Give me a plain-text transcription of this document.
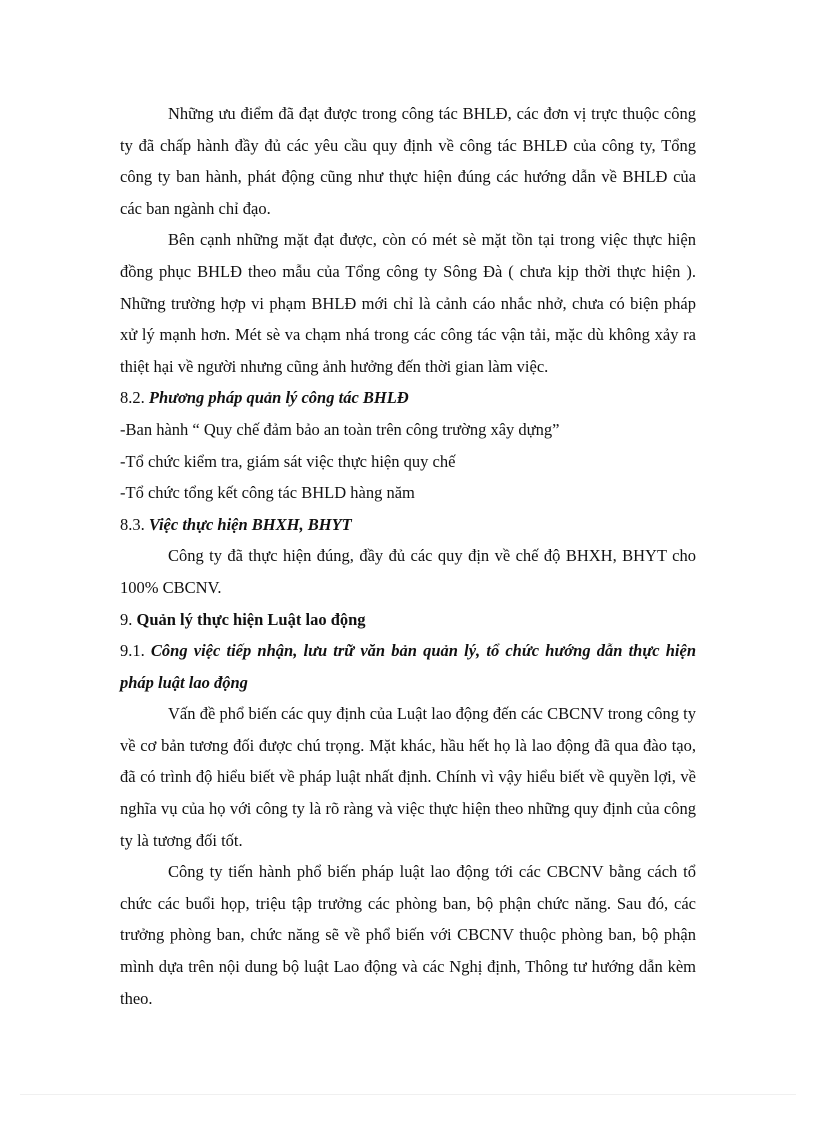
Những ưu điểm đã đạt được trong công tác BHLĐ, các đơn vị trực thuộc công ty đã chấp hành đầy đủ các yêu cầu quy định về công tác BHLĐ của công ty, Tổng công ty ban hành, phát động cũng như thực hiện đúng các hướng dẫn về BHLĐ của các ban ngành chỉ đạo.

Bên cạnh những mặt đạt được, còn có mét sè mặt tồn tại trong việc thực hiện đồng phục BHLĐ theo mẫu của Tổng công ty Sông Đà ( chưa kịp thời thực hiện ). Những trường hợp vi phạm BHLĐ mới chỉ là cảnh cáo nhắc nhở, chưa có biện pháp xử lý mạnh hơn. Mét sè va chạm nhá trong các công tác vận tải, mặc dù không xảy ra thiệt hại về người nhưng cũng ảnh hưởng đến thời gian làm việc.

8.2. Phương pháp quản lý công tác BHLĐ

-Ban hành “ Quy chế đảm bảo an toàn trên công trường xây dựng”

-Tổ chức kiểm tra, giám sát việc thực hiện quy chế

-Tổ chức tổng kết công tác BHLD hàng năm

8.3. Việc thực hiện BHXH, BHYT

Công ty đã thực hiện đúng, đầy đủ các quy địn về chế độ BHXH, BHYT cho 100% CBCNV.

9. Quản lý thực hiện Luật lao động

9.1. Công việc tiếp nhận, lưu trữ văn bản quản lý, tổ chức hướng dẫn thực hiện pháp luật lao động

Vấn đề phổ biến các quy định của Luật lao động đến các CBCNV trong công ty về cơ bản tương đối được chú trọng. Mặt khác, hầu hết họ là lao động đã qua đào tạo, đã có trình độ hiểu biết về pháp luật nhất định. Chính vì vậy hiểu biết về quyền lợi, về nghĩa vụ của họ với công ty là rõ ràng và việc thực hiện theo những quy định của công ty là tương đối tốt.

Công ty tiến hành phổ biến pháp luật lao động tới các CBCNV bằng cách tổ chức các buổi họp, triệu tập trưởng các phòng ban, bộ phận chức năng. Sau đó, các trưởng phòng ban, chức năng sẽ về phổ biến với CBCNV thuộc phòng ban, bộ phận mình dựa trên nội dung bộ luật Lao động và các Nghị định, Thông tư hướng dẫn kèm theo.
